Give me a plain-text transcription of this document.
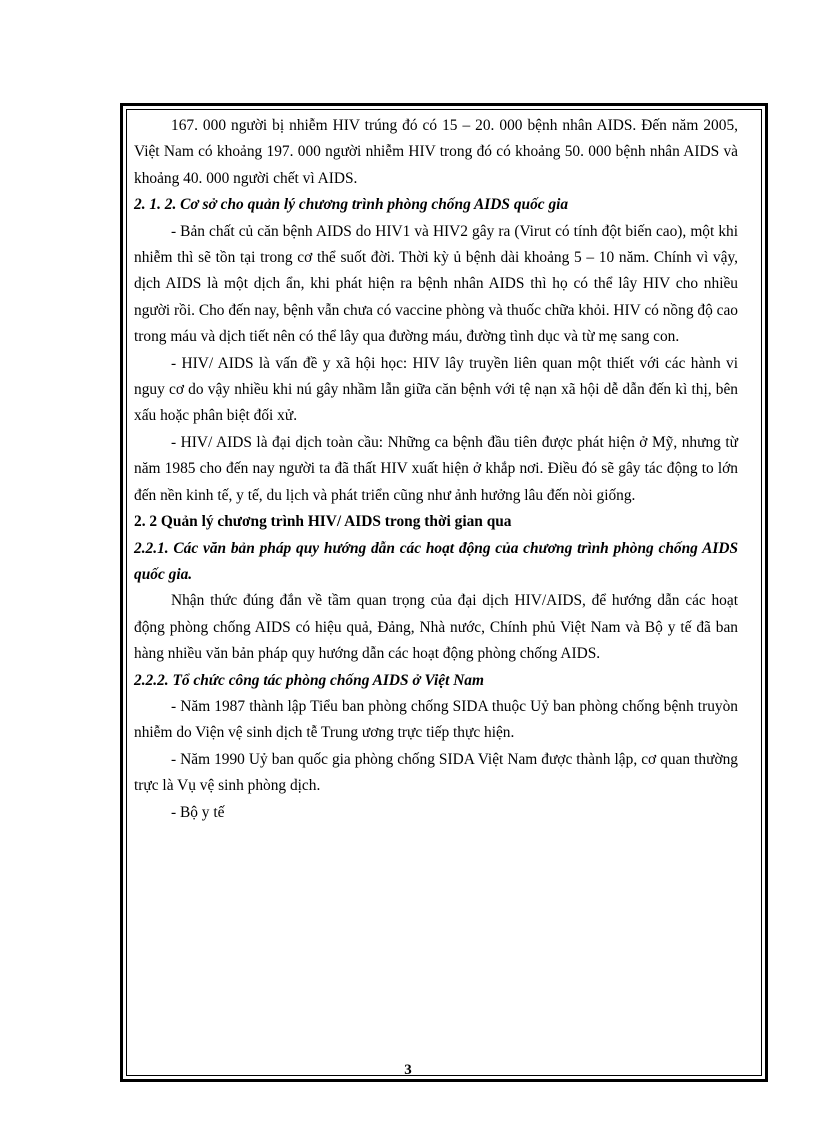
167. 000 người bị nhiễm HIV trúng đó có 15 – 20. 000 bệnh nhân AIDS. Đến năm 2005, Việt Nam có khoảng 197. 000 người nhiễm HIV trong đó có khoảng 50. 000 bệnh nhân AIDS và khoảng 40. 000 người chết vì AIDS.

2. 1. 2. Cơ sở cho quản lý chương trình phòng chống AIDS quốc gia

- Bản chất củ căn bệnh AIDS do HIV1 và HIV2 gây ra (Virut có tính đột biến cao), một khi nhiễm thì sẽ tồn tại trong cơ thể suốt đời. Thời kỳ ủ bệnh dài khoảng 5 – 10 năm. Chính vì vậy, dịch AIDS là một dịch ẩn, khi phát hiện ra bệnh nhân AIDS thì họ có thể lây HIV cho nhiều người rồi. Cho đến nay, bệnh vẫn chưa có vaccine phòng và thuốc chữa khỏi. HIV có nồng độ cao trong máu và dịch tiết nên có thể lây qua đường máu, đường tình dục và từ mẹ sang con.

- HIV/ AIDS là vấn đề y xã hội học: HIV lây truyền liên quan một thiết với các hành vi nguy cơ do vậy nhiều khi nú gây nhầm lẫn giữa căn bệnh với tệ nạn xã hội dễ dẫn đến kì thị, bên xấu hoặc phân biệt đối xử.

- HIV/ AIDS là đại dịch toàn cầu: Những ca bệnh đầu tiên được phát hiện ở Mỹ, nhưng từ năm 1985 cho đến nay người ta đã thất HIV xuất hiện ở khắp nơi. Điều đó sẽ gây tác động to lớn đến nền kinh tế, y tế, du lịch và phát triển cũng như ảnh hưởng lâu đến nòi giống.

2. 2 Quản lý chương trình HIV/ AIDS trong thời gian qua

2.2.1. Các văn bản pháp quy hướng dẫn các hoạt động của chương trình phòng chống AIDS quốc gia.

Nhận thức đúng đắn về tầm quan trọng của đại dịch HIV/AIDS, để hướng dẫn các hoạt động phòng chống AIDS có hiệu quả, Đảng, Nhà nước, Chính phủ Việt Nam và Bộ y tế đã ban hàng nhiều văn bản pháp quy hướng dẫn các hoạt động phòng chống AIDS.

2.2.2. Tổ chức công tác phòng chống AIDS ở Việt Nam

- Năm 1987 thành lập Tiểu ban phòng chống SIDA thuộc Uỷ ban phòng chống bệnh truyòn nhiễm do Viện vệ sinh dịch tễ Trung ương trực tiếp thực hiện.

- Năm 1990 Uỷ ban quốc gia phòng chống SIDA Việt Nam được thành lập, cơ quan thường trực là Vụ vệ sinh phòng dịch.

- Bộ y tế

3
